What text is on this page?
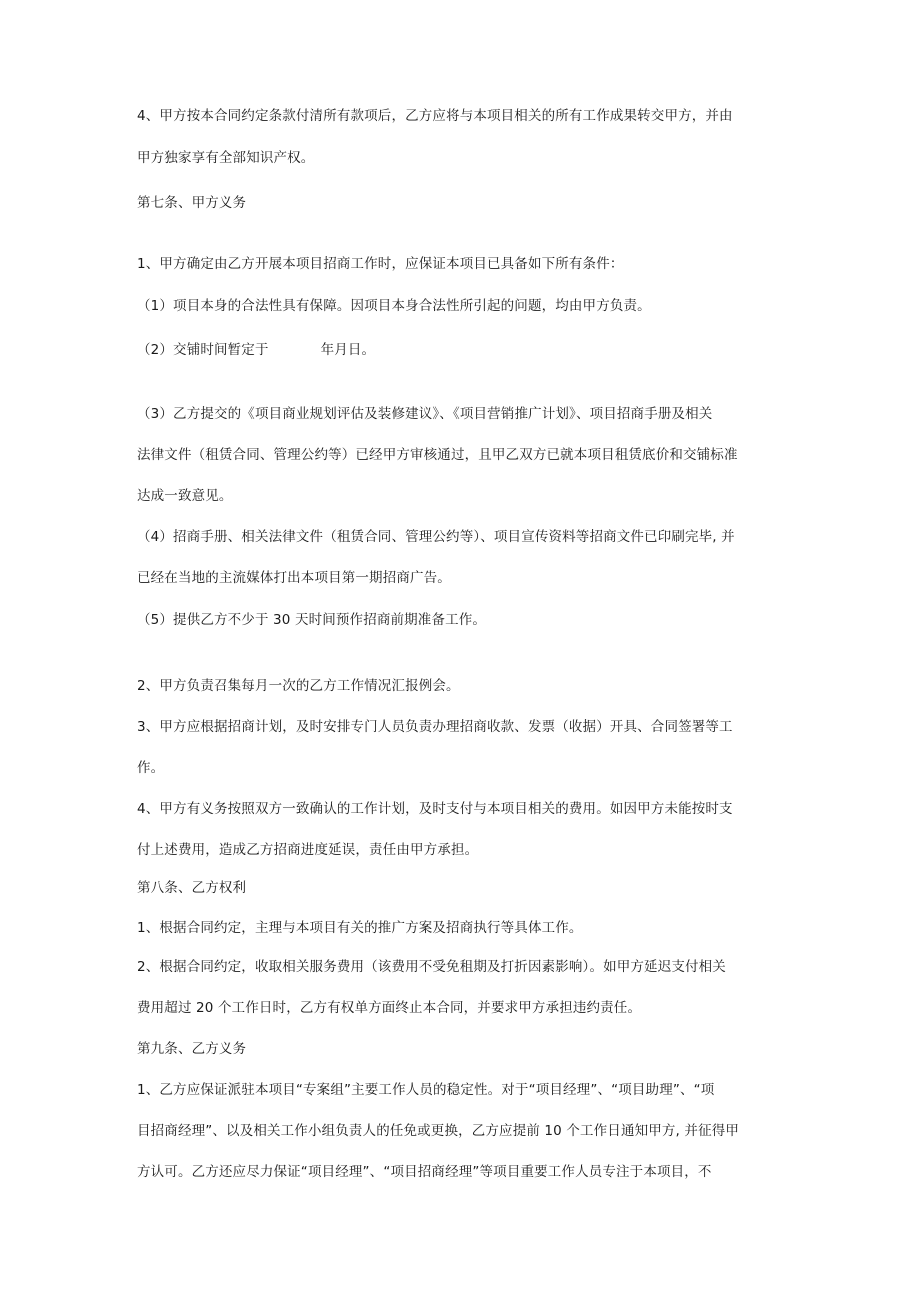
4、甲方按本合同约定条款付清所有款项后，乙方应将与本项目相关的所有工作成果转交甲方，并由
甲方独家享有全部知识产权。
第七条、甲方义务
1、甲方确定由乙方开展本项目招商工作时，应保证本项目已具备如下所有条件：
（1）项目本身的合法性具有保障。因项目本身合法性所引起的问题，均由甲方负责。
（2）交铺时间暂定于	年月日。
（3）乙方提交的《项目商业规划评估及装修建议》、《项目营销推广计划》、项目招商手册及相关
法律文件（租赁合同、管理公约等）已经甲方审核通过，且甲乙双方已就本项目租赁底价和交铺标准
达成一致意见。
（4）招商手册、相关法律文件（租赁合同、管理公约等）、项目宣传资料等招商文件已印刷完毕, 并
已经在当地的主流媒体打出本项目第一期招商广告。
（5）提供乙方不少于 30 天时间预作招商前期准备工作。
2、甲方负责召集每月一次的乙方工作情况汇报例会。
3、甲方应根据招商计划，及时安排专门人员负责办理招商收款、发票（收据）开具、合同签署等工
作。
4、甲方有义务按照双方一致确认的工作计划，及时支付与本项目相关的费用。如因甲方未能按时支
付上述费用，造成乙方招商进度延误，责任由甲方承担。
第八条、乙方权利
1、根据合同约定，主理与本项目有关的推广方案及招商执行等具体工作。
2、根据合同约定，收取相关服务费用（该费用不受免租期及打折因素影响）。如甲方延迟支付相关
费用超过 20 个工作日时，乙方有权单方面终止本合同，并要求甲方承担违约责任。
第九条、乙方义务
1、乙方应保证派驻本项目“专案组”主要工作人员的稳定性。对于“项目经理”、“项目助理”、“项
目招商经理”、以及相关工作小组负责人的任免或更换，乙方应提前 10 个工作日通知甲方, 并征得甲
方认可。乙方还应尽力保证“项目经理”、“项目招商经理”等项目重要工作人员专注于本项目，不
